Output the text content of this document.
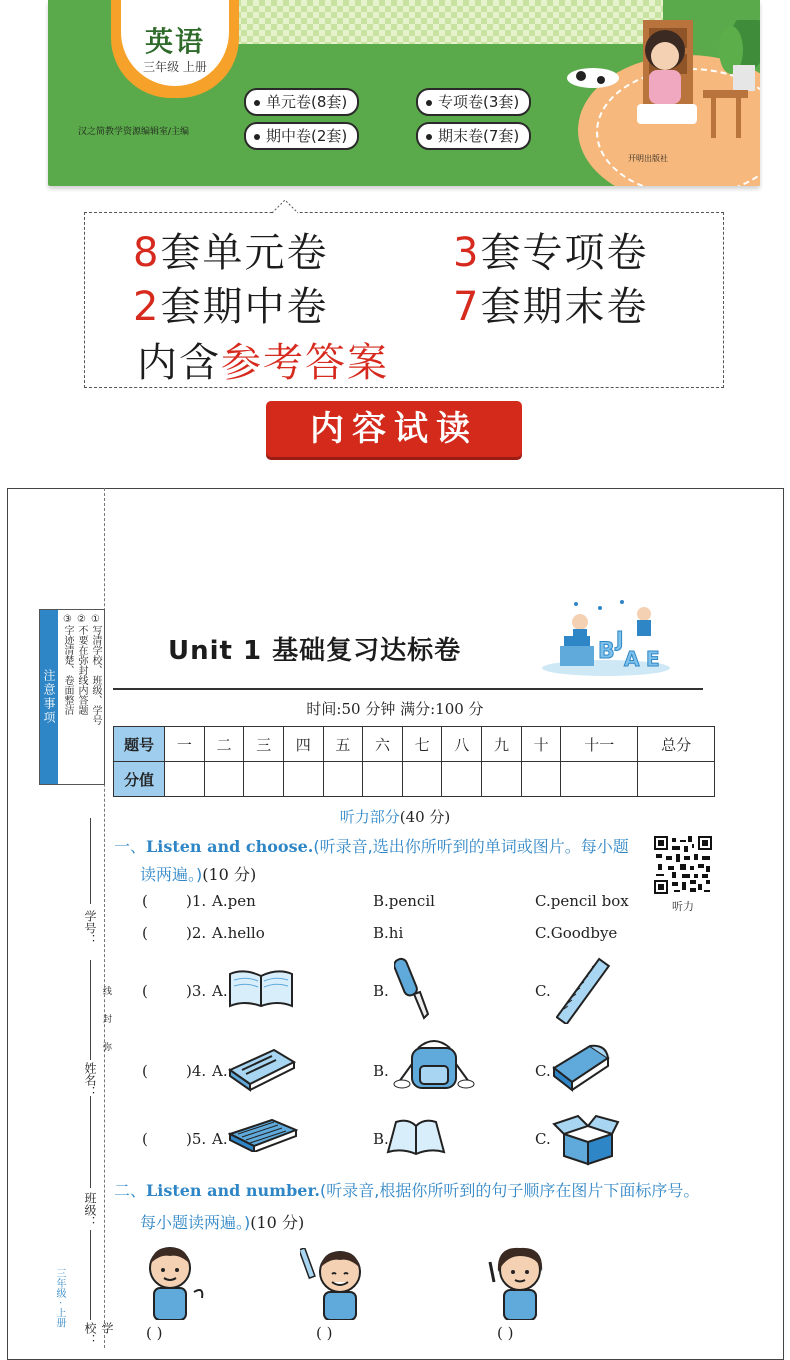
英语
三年级 上册
单元卷(8套)	专项卷(3套)
期中卷(2套)	期末卷(7套)
汉之简教学资源编辑室/主编
开明出版社
8套单元卷	3套专项卷
2套期中卷	7套期末卷
内含参考答案
内容试读
注意事项	①写清学校、班级、学号
②不要在弥封线内答题
③字迹清楚、卷面整洁
学号：
姓名：
班级：
学校：
线
封
弥
三年级 · 上册
Unit 1 基础复习达标卷	B J
A E
时间:50 分钟 满分:100 分
题号	一	二	三	四	五	六	七	八	九	十	十一	总分
分值												
听力部分(40 分)
一、Listen and choose.(听录音,选出你所听到的单词或图片。每小题
读两遍。)(10 分)
听力
(	)1. A.pen	B.pencil	C.pencil box
(	)2. A.hello	B.hi	C.Goodbye
(	)3. A.	B.	C.
(	)4. A.	B.	C.
(	)5. A.	B.	C.
二、Listen and number.(听录音,根据你所听到的句子顺序在图片下面标序号。
每小题读两遍。)(10 分)
( )	( )	( )
